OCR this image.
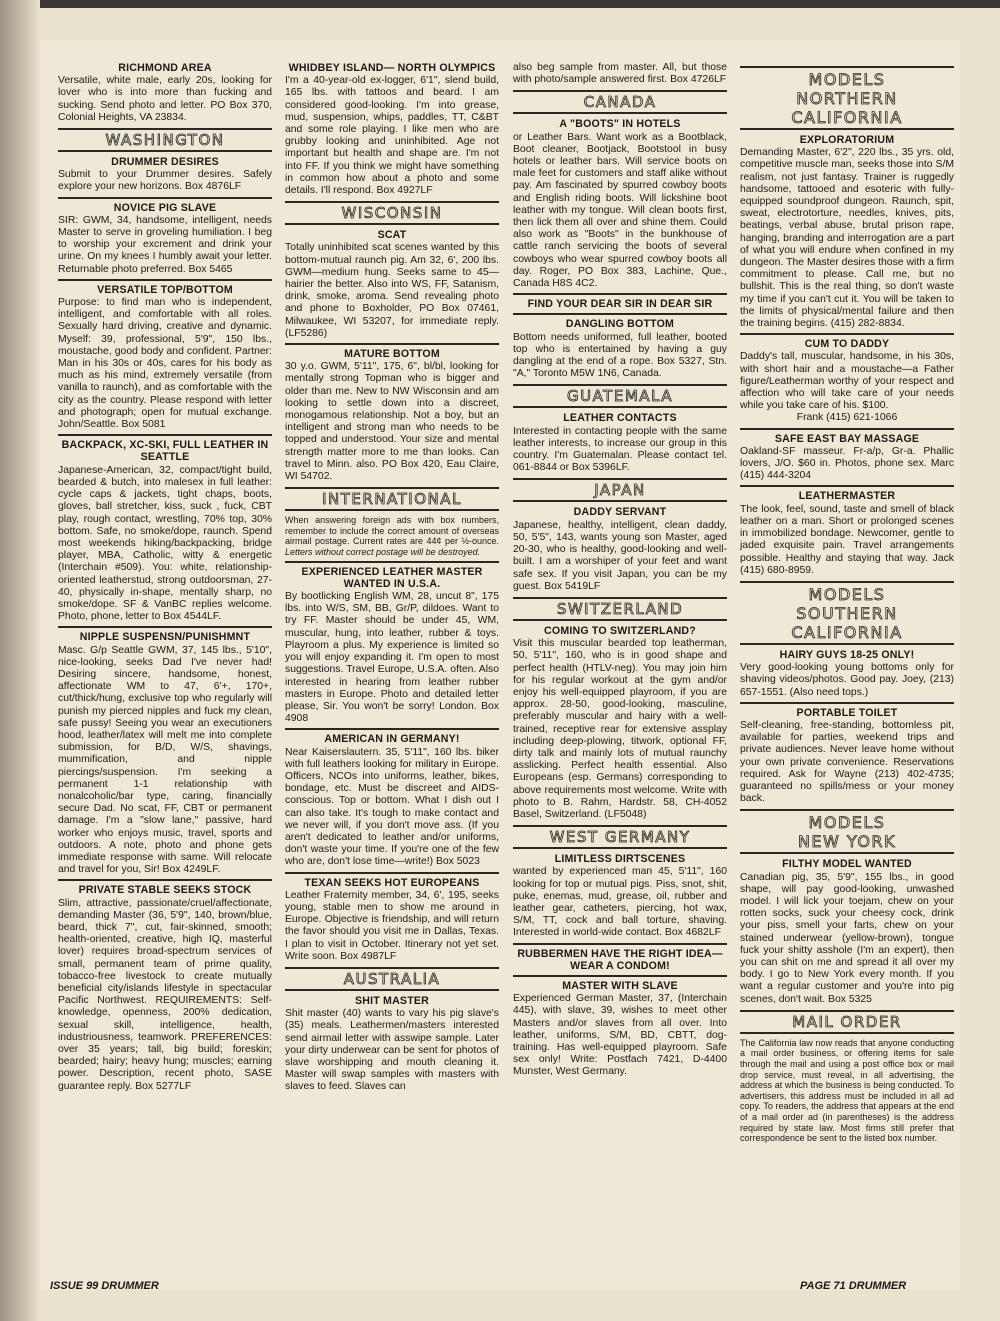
RICHMOND AREA
Versatile, white male, early 20s, looking for lover who is into more than fucking and sucking. Send photo and letter. PO Box 370, Colonial Heights, VA 23834.
WASHINGTON
DRUMMER DESIRES
Submit to your Drummer desires. Safely explore your new horizons. Box 4876LF
NOVICE PIG SLAVE
SIR: GWM, 34, handsome, intelligent, needs Master to serve in groveling humiliation. I beg to worship your excrement and drink your urine. On my knees I humbly await your letter. Returnable photo preferred. Box 5465
VERSATILE TOP/BOTTOM
Purpose: to find man who is independent, intelligent, and comfortable with all roles. Sexually hard driving, creative and dynamic. Myself: 39, professional, 5'9", 150 lbs., moustache, good body and confident. Partner: Man in his 30s or 40s, cares for his body as much as his mind, extremely versatile (from vanilla to raunch), and as comfortable with the city as the country. Please respond with letter and photograph; open for mutual exchange. John/Seattle. Box 5081
BACKPACK, XC-SKI, FULL LEATHER IN SEATTLE
Japanese-American, 32, compact/tight build, bearded & butch, into malesex in full leather: cycle caps & jackets, tight chaps, boots, gloves, ball stretcher, kiss, suck , fuck, CBT play, rough contact, wrestling, 70% top, 30% bottom. Safe, no smoke/dope, raunch. Spend most weekends hiking/backpacking, bridge player, MBA, Catholic, witty & energetic (Interchain #509). You: white, relationship-oriented leatherstud, strong outdoorsman, 27-40, physically in-shape, mentally sharp, no smoke/dope. SF & VanBC replies welcome. Photo, phone, letter to Box 4544LF.
NIPPLE SUSPENSN/PUNISHMNT
Masc. G/p Seattle GWM, 37, 145 lbs., 5'10", nice-looking, seeks Dad I've never had! Desiring sincere, handsome, honest, affectionate WM to 47, 6'+, 170+, cut/thick/hung, exclusive top who regularly will punish my pierced nipples and fuck my clean, safe pussy! Seeing you wear an executioners hood, leather/latex will melt me into complete submission, for B/D, W/S, shavings, mummification, and nipple piercings/suspension. I'm seeking a permanent 1-1 relationship with nonalcoholic/bar type, caring, financially secure Dad. No scat, FF, CBT or permanent damage. I'm a "slow lane," passive, hard worker who enjoys music, travel, sports and outdoors. A note, photo and phone gets immediate response with same. Will relocate and travel for you, Sir! Box 4249LF.
PRIVATE STABLE SEEKS STOCK
Slim, attractive, passionate/cruel/affectionate, demanding Master (36, 5'9", 140, brown/blue, beard, thick 7", cut, fair-skinned, smooth; health-oriented, creative, high IQ, masterful lover) requires broad-spectrum services of small, permanent team of prime quality, tobacco-free livestock to create mutually beneficial city/islands lifestyle in spectacular Pacific Northwest. REQUIREMENTS: Self-knowledge, openness, 200% dedication, sexual skill, intelligence, health, industriousness, teamwork. PREFERENCES: over 35 years; tall, big build; foreskin; bearded; hairy; heavy hung; muscles; earning power. Description, recent photo, SASE guarantee reply. Box 5277LF
WHIDBEY ISLAND— NORTH OLYMPICS
I'm a 40-year-old ex-logger, 6'1", slend build, 165 lbs. with tattoos and beard. I am considered good-looking. I'm into grease, mud, suspension, whips, paddles, TT, C&BT and some role playing. I like men who are grubby looking and uninhibited. Age not important but health and shape are. I'm not into FF. If you think we might have something in common how about a photo and some details. I'll respond. Box 4927LF
WISCONSIN
SCAT
Totally uninhibited scat scenes wanted by this bottom-mutual raunch pig. Am 32, 6', 200 lbs. GWM—medium hung. Seeks same to 45—hairier the better. Also into WS, FF, Satanism, drink, smoke, aroma. Send revealing photo and phone to Boxholder, PO Box 07461, Milwaukee, WI 53207, for immediate reply. (LF5286)
MATURE BOTTOM
30 y.o. GWM, 5'11", 175, 6", bl/bl, looking for mentally strong Topman who is bigger and older than me. New to NW Wisconsin and am looking to settle down into a discreet, monogamous relationship. Not a boy, but an intelligent and strong man who needs to be topped and understood. Your size and mental strength matter more to me than looks. Can travel to Minn. also. PO Box 420, Eau Claire, WI 54702.
INTERNATIONAL
When answering foreign ads with box numbers, remember to include the correct amount of overseas airmail postage. Current rates are 44¢ per ½-ounce. Letters without correct postage will be destroyed.
EXPERIENCED LEATHER MASTER WANTED IN U.S.A.
By bootlicking English WM, 28, uncut 8", 175 lbs. into W/S, SM, BB, Gr/P, dildoes. Want to try FF. Master should be under 45, WM, muscular, hung, into leather, rubber & toys. Playroom a plus. My experience is limited so you will enjoy expanding it. I'm open to most suggestions. Travel Europe, U.S.A. often. Also interested in hearing from leather rubber masters in Europe. Photo and detailed letter please, Sir. You won't be sorry! London. Box 4908
AMERICAN IN GERMANY!
Near Kaiserslautern. 35, 5'11", 160 lbs. biker with full leathers looking for military in Europe. Officers, NCOs into uniforms, leather, bikes, bondage, etc. Must be discreet and AIDS-conscious. Top or bottom. What I dish out I can also take. It's tough to make contact and we never will, if you don't move ass. (If you aren't dedicated to leather and/or uniforms, don't waste your time. If you're one of the few who are, don't lose time—write!) Box 5023
TEXAN SEEKS HOT EUROPEANS
Leather Fraternity member, 34, 6', 195, seeks young, stable men to show me around in Europe. Objective is friendship, and will return the favor should you visit me in Dallas, Texas. I plan to visit in October. Itinerary not yet set. Write soon. Box 4987LF
AUSTRALIA
SHIT MASTER
Shit master (40) wants to vary his pig slave's (35) meals. Leathermen/masters interested send airmail letter with asswipe sample. Later your dirty underwear can be sent for photos of slave worshipping and mouth cleaning it. Master will swap samples with masters with slaves to feed. Slaves can
also beg sample from master. All, but those with photo/sample answered first. Box 4726LF
CANADA
A "BOOTS" IN HOTELS
or Leather Bars. Want work as a Bootblack, Boot cleaner, Bootjack, Bootstool in busy hotels or leather bars. Will service boots on male feet for customers and staff alike without pay. Am fascinated by spurred cowboy boots and English riding boots. Will lickshine boot leather with my tongue. Will clean boots first, then lick them all over and shine them. Could also work as "Boots" in the bunkhouse of cattle ranch servicing the boots of several cowboys who wear spurred cowboy boots all day. Roger, PO Box 383, Lachine, Que., Canada H8S 4C2.
FIND YOUR DEAR SIR IN DEAR SIR
DANGLING BOTTOM
Bottom needs uniformed, full leather, booted top who is entertained by having a guy dangling at the end of a rope. Box 5327, Stn. "A," Toronto M5W 1N6, Canada.
GUATEMALA
LEATHER CONTACTS
Interested in contacting people with the same leather interests, to increase our group in this country. I'm Guatemalan. Please contact tel. 061-8844 or Box 5396LF.
JAPAN
DADDY SERVANT
Japanese, healthy, intelligent, clean daddy, 50, 5'5", 143, wants young son Master, aged 20-30, who is healthy, good-looking and well-built. I am a worshiper of your feet and want safe sex. If you visit Japan, you can be my guest. Box 5419LF
SWITZERLAND
COMING TO SWITZERLAND?
Visit this muscular bearded top leatherman, 50, 5'11", 160, who is in good shape and perfect health (HTLV-neg). You may join him for his regular workout at the gym and/or enjoy his well-equipped playroom, if you are approx. 28-50, good-looking, masculine, preferably muscular and hairy with a well-trained, receptive rear for extensive assplay including deep-plowing, titwork, optional FF, dirty talk and mainly lots of mutual raunchy asslicking. Perfect health essential. Also Europeans (esp. Germans) corresponding to above requirements most welcome. Write with photo to B. Rahm, Hardstr. 58, CH-4052 Basel, Switzerland. (LF5048)
WEST GERMANY
LIMITLESS DIRTSCENES
wanted by experienced man 45, 5'11", 160 looking for top or mutual pigs. Piss, snot, shit, puke, enemas, mud, grease, oil, rubber and leather gear, catheters, piercing, hot wax, S/M, TT, cock and ball torture, shaving. Interested in world-wide contact. Box 4682LF
RUBBERMEN HAVE THE RIGHT IDEA—WEAR A CONDOM!
MASTER WITH SLAVE
Experienced German Master, 37, (Interchain 445), with slave, 39, wishes to meet other Masters and/or slaves from all over. Into leather, uniforms, S/M, BD, CBTT, dog-training. Has well-equipped playroom. Safe sex only! Write: Postfach 7421, D-4400 Munster, West Germany.
MODELS
NORTHERN
CALIFORNIA
EXPLORATORIUM
Demanding Master, 6'2", 220 lbs., 35 yrs. old, competitive muscle man, seeks those into S/M realism, not just fantasy. Trainer is ruggedly handsome, tattooed and esoteric with fully-equipped soundproof dungeon. Raunch, spit, sweat, electrotorture, needles, knives, pits, beatings, verbal abuse, brutal prison rape, hanging, branding and interrogation are a part of what you will endure when confined in my dungeon. The Master desires those with a firm commitment to please. Call me, but no bullshit. This is the real thing, so don't waste my time if you can't cut it. You will be taken to the limits of physical/mental failure and then the training begins. (415) 282-8834.
CUM TO DADDY
Daddy's tall, muscular, handsome, in his 30s, with short hair and a moustache—a Father figure/Leatherman worthy of your respect and affection who will take care of your needs while you take care of his. $100.
Frank (415) 621-1066
SAFE EAST BAY MASSAGE
Oakland-SF masseur. Fr-a/p, Gr-a. Phallic lovers, J/O. $60 in. Photos, phone sex. Marc (415) 444-3204
LEATHERMASTER
The look, feel, sound, taste and smell of black leather on a man. Short or prolonged scenes in immobilized bondage. Newcomer, gentle to jaded exquisite pain. Travel arrangements possible. Healthy and staying that way. Jack (415) 680-8959.
MODELS
SOUTHERN
CALIFORNIA
HAIRY GUYS 18-25 ONLY!
Very good-looking young bottoms only for shaving videos/photos. Good pay. Joey, (213) 657-1551. (Also need tops.)
PORTABLE TOILET
Self-cleaning, free-standing, bottomless pit, available for parties, weekend trips and private audiences. Never leave home without your own private convenience. Reservations required. Ask for Wayne (213) 402-4735; guaranteed no spills/mess or your money back.
MODELS
NEW YORK
FILTHY MODEL WANTED
Canadian pig, 35, 5'9", 155 lbs., in good shape, will pay good-looking, unwashed model. I will lick your toejam, chew on your rotten socks, suck your cheesy cock, drink your piss, smell your farts, chew on your stained underwear (yellow-brown), tongue fuck your shitty asshole (I'm an expert), then you can shit on me and spread it all over my body. I go to New York every month. If you want a regular customer and you're into pig scenes, don't wait. Box 5325
MAIL ORDER
The California law now reads that anyone conducting a mail order business, or offering items for sale through the mail and using a post office box or mail drop service, must reveal, in all advertising, the address at which the business is being conducted. To advertisers, this address must be included in all ad copy. To readers, the address that appears at the end of a mail order ad (in parentheses) is the address required by state law. Most firms still prefer that correspondence be sent to the listed box number.
ISSUE 99 DRUMMER	PAGE 71 DRUMMER
